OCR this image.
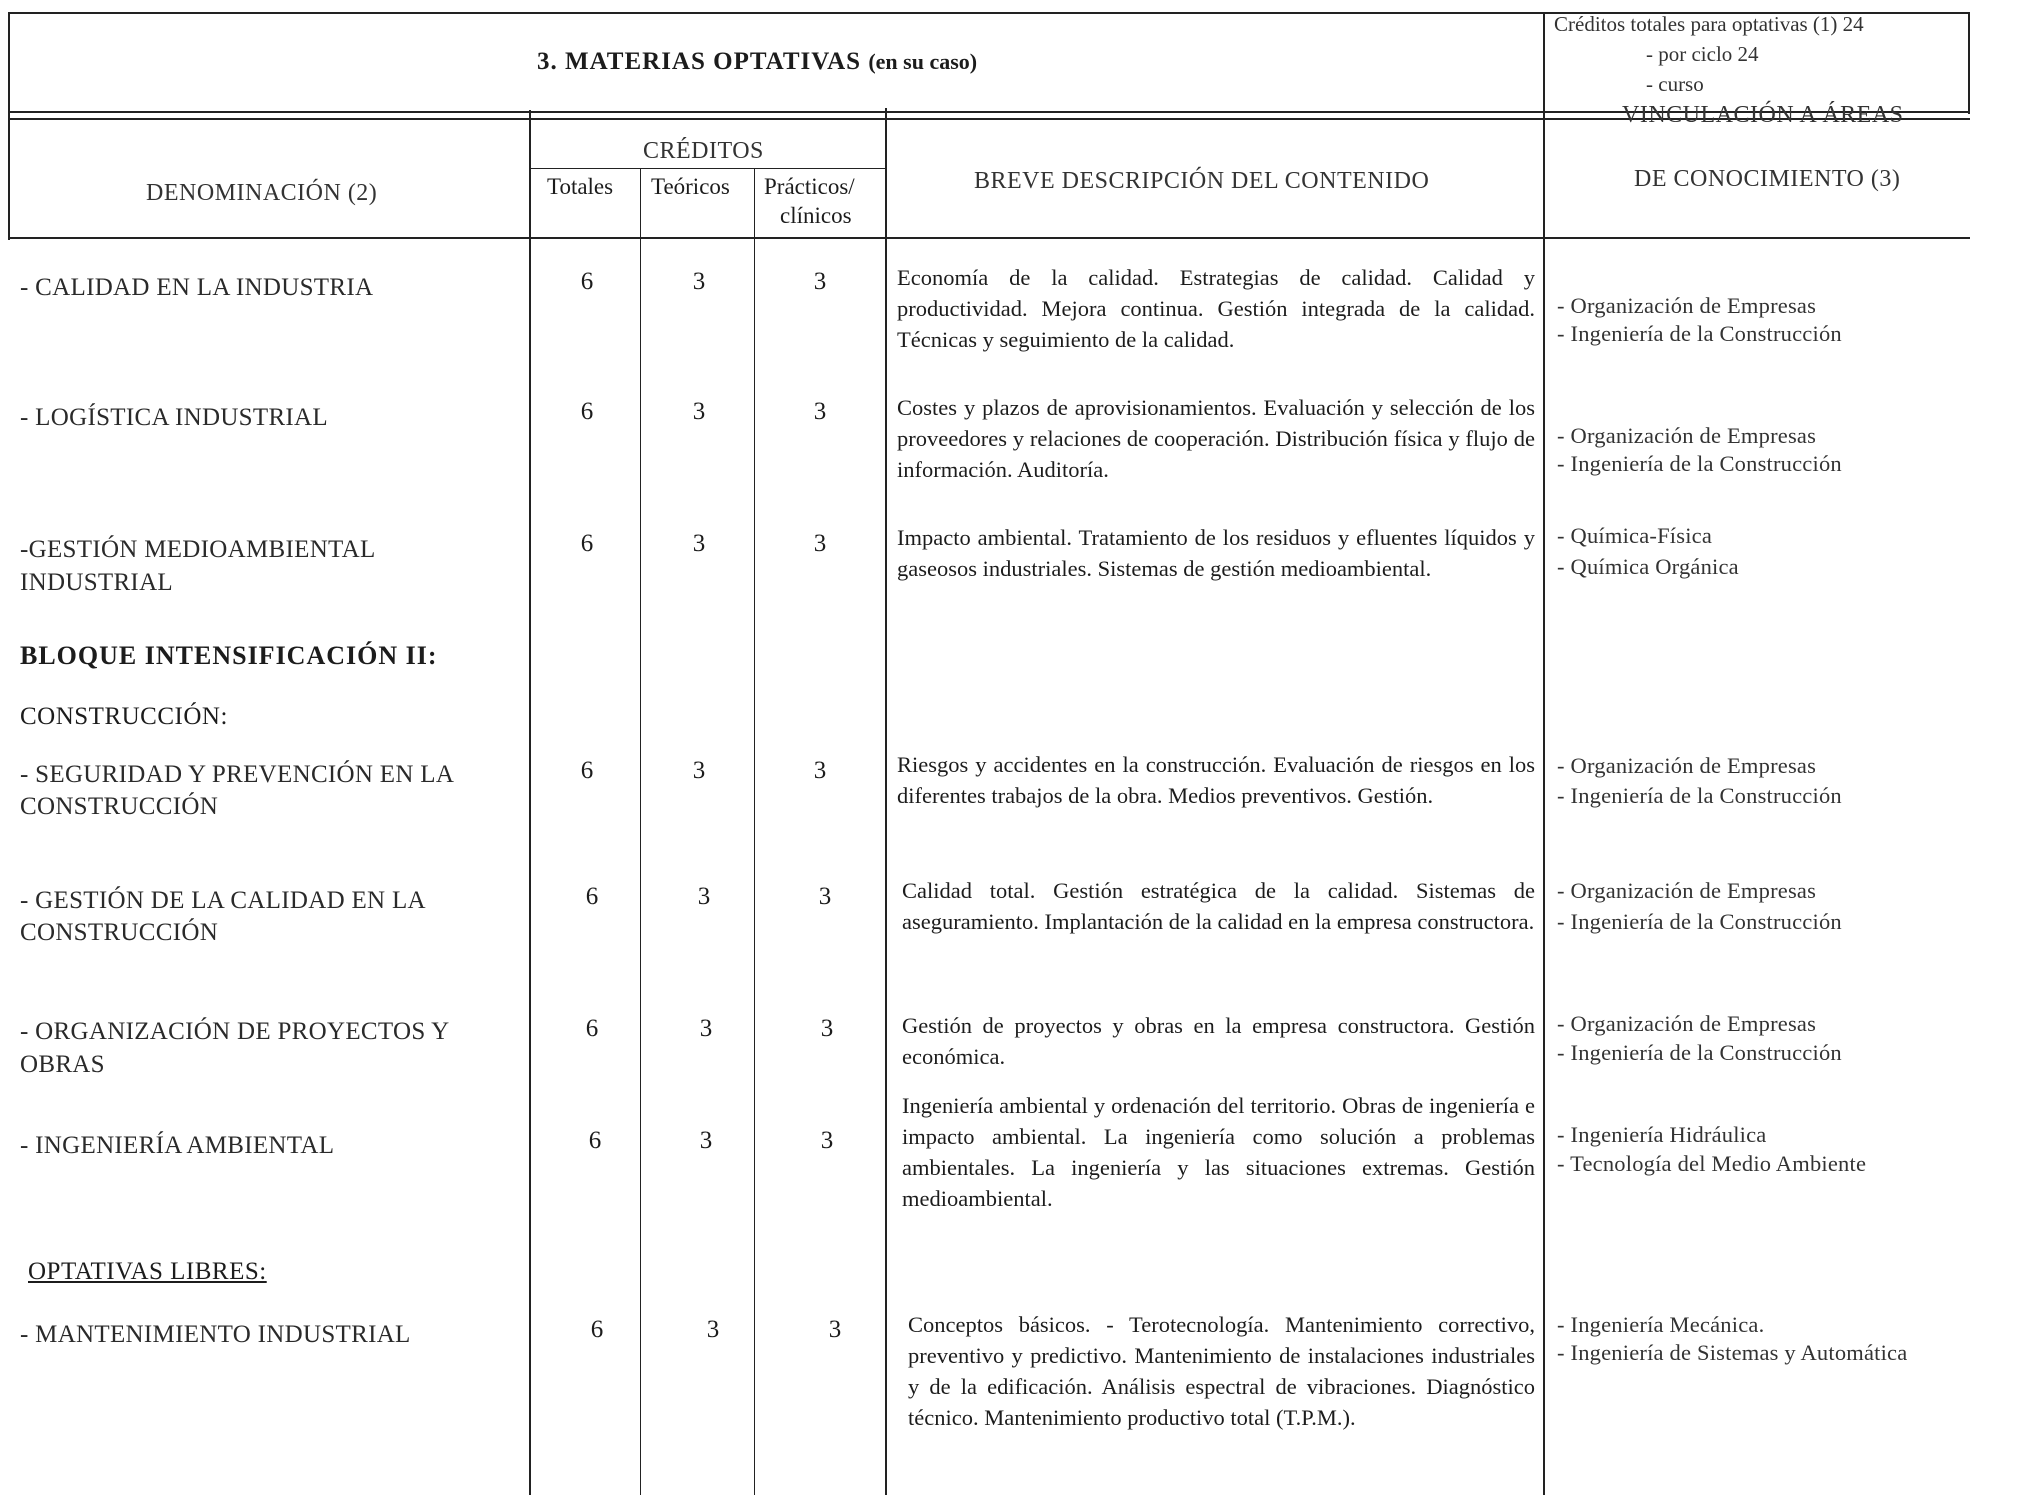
3. MATERIAS OPTATIVAS (en su caso)
Créditos totales para optativas (1) 24
- por ciclo 24
- curso
DENOMINACIÓN (2)
CRÉDITOS
Totales Teóricos Prácticos/
clínicos
BREVE DESCRIPCIÓN DEL CONTENIDO
VINCULACIÓN A ÁREAS
DE CONOCIMIENTO (3)
- CALIDAD EN LA INDUSTRIA	6	3	3	Economía de la calidad. Estrategias de calidad. Calidad y productividad. Mejora continua. Gestión integrada de la calidad. Técnicas y seguimiento de la calidad.
- Organización de Empresas
- Ingeniería de la Construcción
- LOGÍSTICA INDUSTRIAL	6	3	3	Costes y plazos de aprovisionamientos. Evaluación y selección de los proveedores y relaciones de cooperación. Distribución física y flujo de información. Auditoría.
- Organización de Empresas
- Ingeniería de la Construcción
-GESTIÓN MEDIOAMBIENTAL
INDUSTRIAL
6	3	3	Impacto ambiental. Tratamiento de los residuos y efluentes líquidos y gaseosos industriales. Sistemas de gestión medioambiental.
- Química-Física
- Química Orgánica
BLOQUE INTENSIFICACIÓN II:
CONSTRUCCIÓN:
- SEGURIDAD Y PREVENCIÓN EN LA
CONSTRUCCIÓN
6	3	3	Riesgos y accidentes en la construcción. Evaluación de riesgos en los diferentes trabajos de la obra. Medios preventivos. Gestión.
- Organización de Empresas
- Ingeniería de la Construcción
- GESTIÓN DE LA CALIDAD EN LA
CONSTRUCCIÓN
6	3	3	Calidad total. Gestión estratégica de la calidad. Sistemas de aseguramiento. Implantación de la calidad en la empresa constructora.
- Organización de Empresas
- Ingeniería de la Construcción
- ORGANIZACIÓN DE PROYECTOS Y
OBRAS
6	3	3	Gestión de proyectos y obras en la empresa constructora. Gestión económica.
- Organización de Empresas
- Ingeniería de la Construcción
- INGENIERÍA AMBIENTAL	6	3	3
Ingeniería ambiental y ordenación del territorio. Obras de ingeniería e impacto ambiental. La ingeniería como solución a problemas ambientales. La ingeniería y las situaciones extremas. Gestión medioambiental.
- Ingeniería Hidráulica
- Tecnología del Medio Ambiente
OPTATIVAS LIBRES:
- MANTENIMIENTO INDUSTRIAL	6	3	3	Conceptos básicos. - Terotecnología. Mantenimiento correctivo, preventivo y predictivo. Mantenimiento de instalaciones industriales y de la edificación. Análisis espectral de vibraciones. Diagnóstico técnico. Mantenimiento productivo total (T.P.M.).
- Ingeniería Mecánica.
- Ingeniería de Sistemas y Automática
